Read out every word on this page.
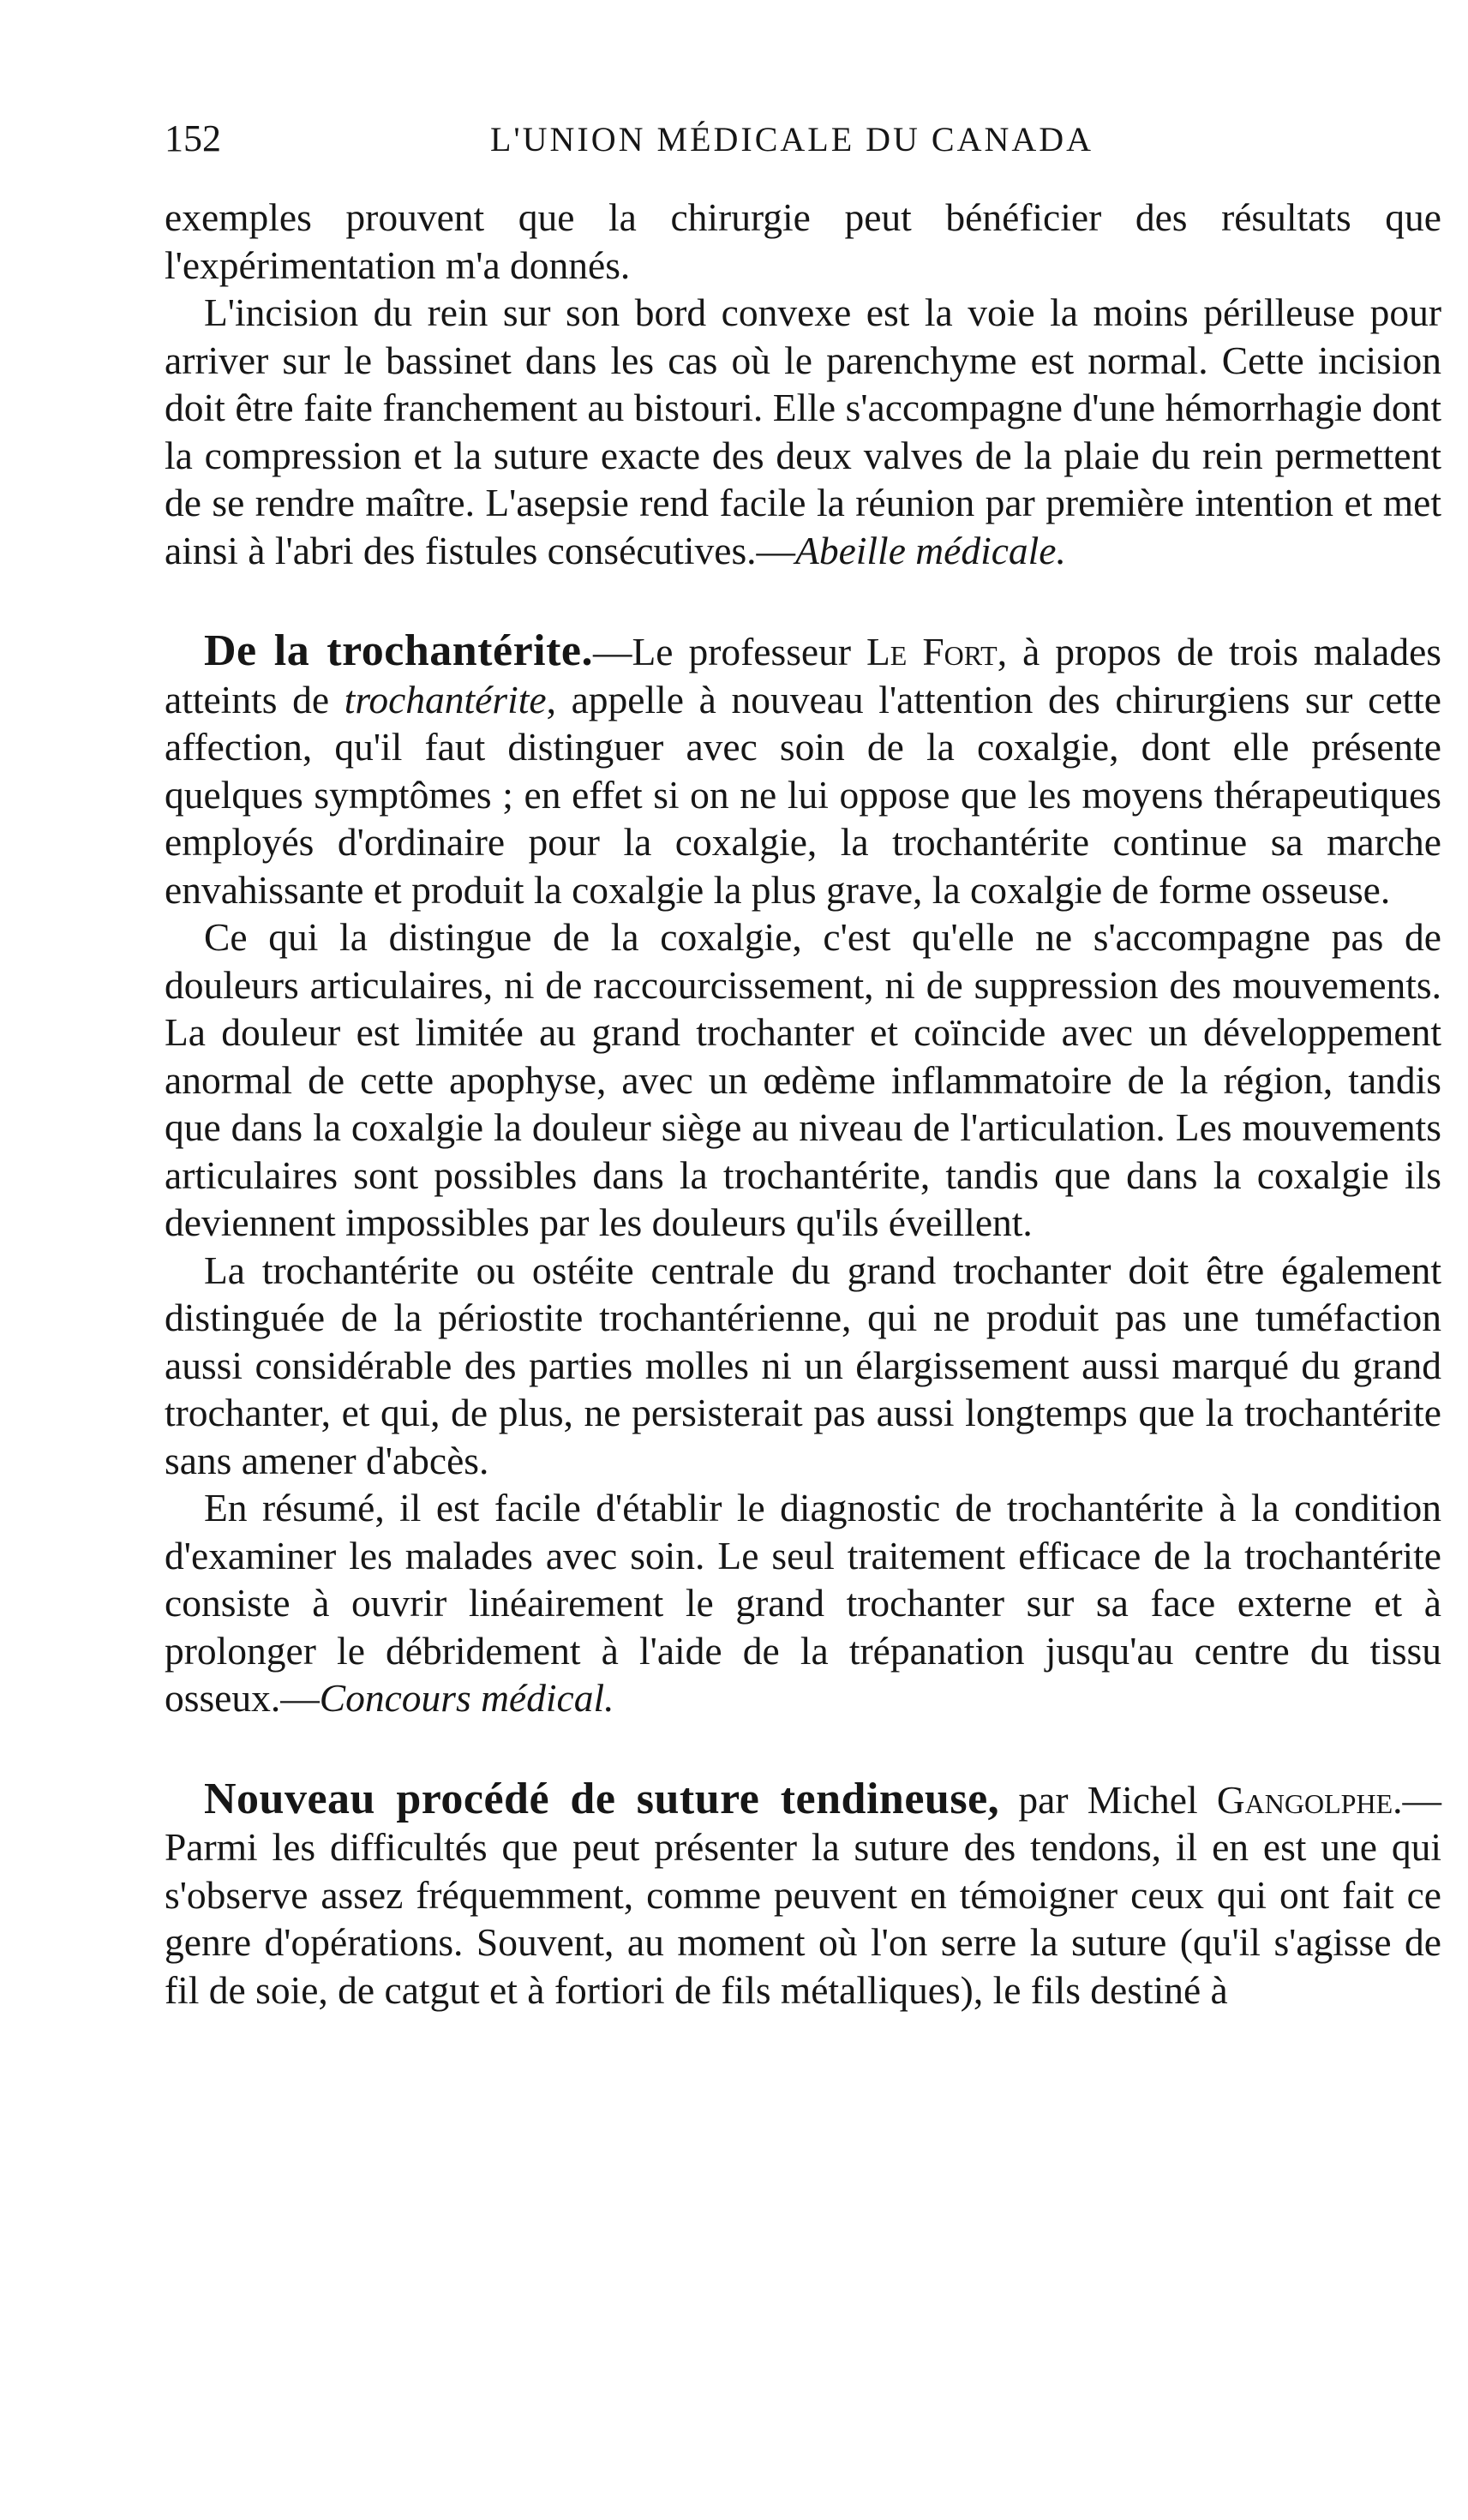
152	L'UNION MÉDICALE DU CANADA

exemples prouvent que la chirurgie peut bénéficier des résultats que l'expérimentation m'a donnés.

L'incision du rein sur son bord convexe est la voie la moins périlleuse pour arriver sur le bassinet dans les cas où le parenchyme est normal. Cette incision doit être faite franchement au bistouri. Elle s'accompagne d'une hémorrhagie dont la compression et la suture exacte des deux valves de la plaie du rein permettent de se rendre maître. L'asepsie rend facile la réunion par première intention et met ainsi à l'abri des fistules consécutives.—Abeille médicale.

De la trochantérite.—Le professeur Le Fort, à propos de trois malades atteints de trochantérite, appelle à nouveau l'attention des chirurgiens sur cette affection, qu'il faut distinguer avec soin de la coxalgie, dont elle présente quelques symptômes ; en effet si on ne lui oppose que les moyens thérapeutiques employés d'ordinaire pour la coxalgie, la trochantérite continue sa marche envahissante et produit la coxalgie la plus grave, la coxalgie de forme osseuse.

Ce qui la distingue de la coxalgie, c'est qu'elle ne s'accompagne pas de douleurs articulaires, ni de raccourcissement, ni de suppression des mouvements. La douleur est limitée au grand trochanter et coïncide avec un développement anormal de cette apophyse, avec un œdème inflammatoire de la région, tandis que dans la coxalgie la douleur siège au niveau de l'articulation. Les mouvements articulaires sont possibles dans la trochantérite, tandis que dans la coxalgie ils deviennent impossibles par les douleurs qu'ils éveillent.

La trochantérite ou ostéite centrale du grand trochanter doit être également distinguée de la périostite trochantérienne, qui ne produit pas une tuméfaction aussi considérable des parties molles ni un élargissement aussi marqué du grand trochanter, et qui, de plus, ne persisterait pas aussi longtemps que la trochantérite sans amener d'abcès.

En résumé, il est facile d'établir le diagnostic de trochantérite à la condition d'examiner les malades avec soin. Le seul traitement efficace de la trochantérite consiste à ouvrir linéairement le grand trochanter sur sa face externe et à prolonger le débridement à l'aide de la trépanation jusqu'au centre du tissu osseux.—Concours médical.

Nouveau procédé de suture tendineuse, par Michel Gangolphe.—Parmi les difficultés que peut présenter la suture des tendons, il en est une qui s'observe assez fréquemment, comme peuvent en témoigner ceux qui ont fait ce genre d'opérations. Souvent, au moment où l'on serre la suture (qu'il s'agisse de fil de soie, de catgut et à fortiori de fils métalliques), le fils destiné à
